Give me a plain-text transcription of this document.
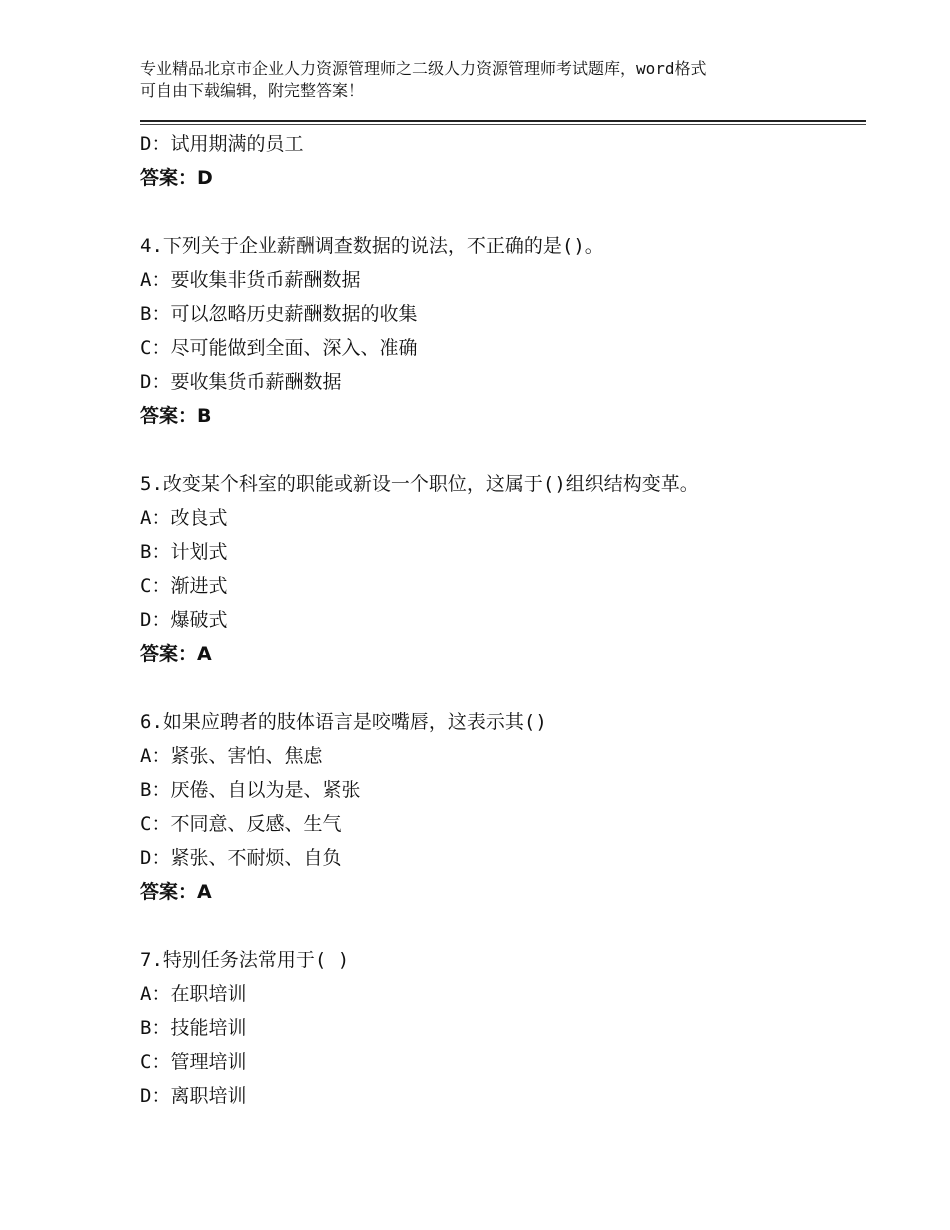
专业精品北京市企业人力资源管理师之二级人力资源管理师考试题库，word格式
可自由下载编辑，附完整答案！
D：试用期满的员工
答案：D
4.下列关于企业薪酬调查数据的说法，不正确的是()。
A：要收集非货币薪酬数据
B：可以忽略历史薪酬数据的收集
C：尽可能做到全面、深入、准确
D：要收集货币薪酬数据
答案：B
5.改变某个科室的职能或新设一个职位，这属于()组织结构变革。
A：改良式
B：计划式
C：渐进式
D：爆破式
答案：A
6.如果应聘者的肢体语言是咬嘴唇，这表示其()
A：紧张、害怕、焦虑
B：厌倦、自以为是、紧张
C：不同意、反感、生气
D：紧张、不耐烦、自负
答案：A
7.特别任务法常用于( )
A：在职培训
B：技能培训
C：管理培训
D：离职培训
